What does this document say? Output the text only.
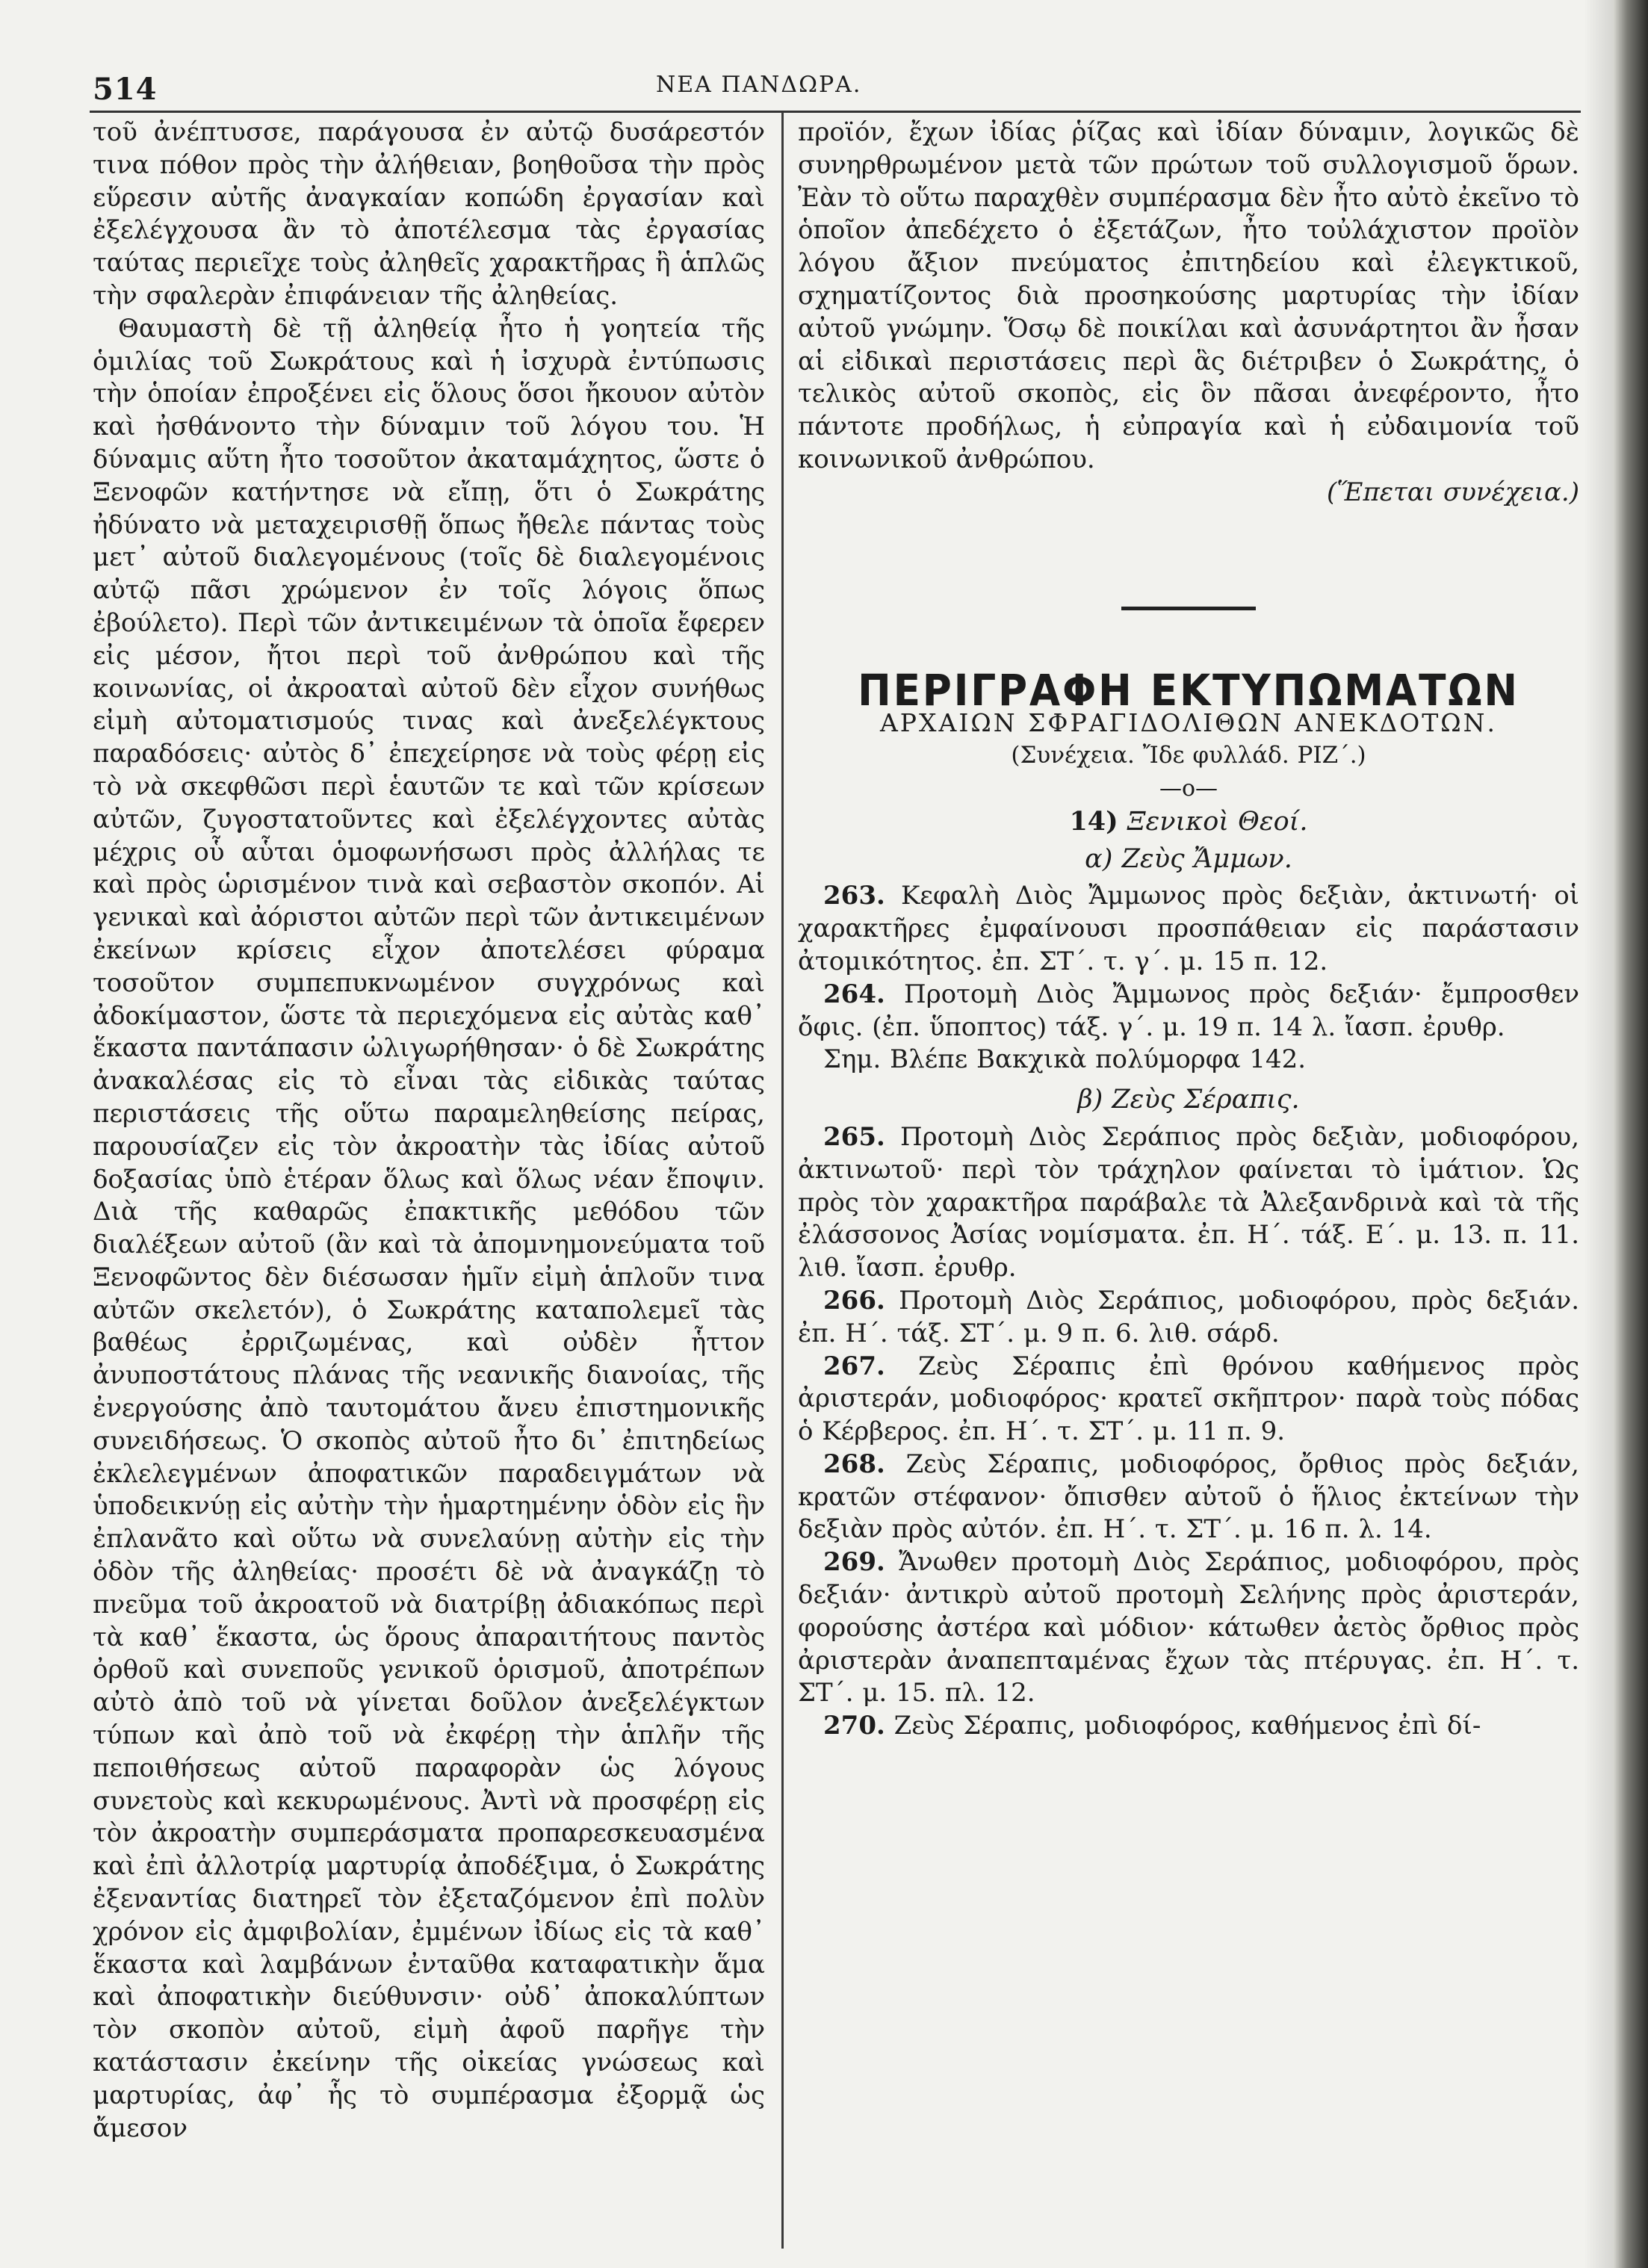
514	ΝΕΑ ΠΑΝΔΩΡΑ.

τοῦ ἀνέπτυσσε, παράγουσα ἐν αὐτῷ δυσάρεστόν τινα πόθον πρὸς τὴν ἀλήθειαν, βοηθοῦσα τὴν πρὸς εὕρεσιν αὐτῆς ἀναγκαίαν κοπώδη ἐργασίαν καὶ ἐξελέγχουσα ἂν τὸ ἀποτέλεσμα τὰς ἐργασίας ταύτας περιεῖχε τοὺς ἀληθεῖς χαρακτῆρας ἢ ἁπλῶς τὴν σφαλερὰν ἐπιφάνειαν τῆς ἀληθείας.

Θαυμαστὴ δὲ τῇ ἀληθείᾳ ἦτο ἡ γοητεία τῆς ὁμιλίας τοῦ Σωκράτους καὶ ἡ ἰσχυρὰ ἐντύπωσις τὴν ὁποίαν ἐπροξένει εἰς ὅλους ὅσοι ἤκουον αὐτὸν καὶ ἠσθάνοντο τὴν δύναμιν τοῦ λόγου του. Ἡ δύναμις αὕτη ἦτο τοσοῦτον ἀκαταμάχητος, ὥστε ὁ Ξενοφῶν κατήντησε νὰ εἴπῃ, ὅτι ὁ Σωκράτης ἠδύνατο νὰ μεταχειρισθῇ ὅπως ἤθελε πάντας τοὺς μετ᾽ αὐτοῦ διαλεγομένους (τοῖς δὲ διαλεγομένοις αὐτῷ πᾶσι χρώμενον ἐν τοῖς λόγοις ὅπως ἐβούλετο). Περὶ τῶν ἀντικειμένων τὰ ὁποῖα ἔφερεν εἰς μέσον, ἤτοι περὶ τοῦ ἀνθρώπου καὶ τῆς κοινωνίας, οἱ ἀκροαταὶ αὐτοῦ δὲν εἶχον συνήθως εἰμὴ αὐτοματισμούς τινας καὶ ἀνεξελέγκτους παραδόσεις· αὐτὸς δ᾽ ἐπεχείρησε νὰ τοὺς φέρῃ εἰς τὸ νὰ σκεφθῶσι περὶ ἑαυτῶν τε καὶ τῶν κρίσεων αὐτῶν, ζυγοστατοῦντες καὶ ἐξελέγχοντες αὐτὰς μέχρις οὗ αὗται ὁμοφωνήσωσι πρὸς ἀλλήλας τε καὶ πρὸς ὡρισμένον τινὰ καὶ σεβαστὸν σκοπόν. Αἱ γενικαὶ καὶ ἀόριστοι αὐτῶν περὶ τῶν ἀντικειμένων ἐκείνων κρίσεις εἶχον ἀποτελέσει φύραμα τοσοῦτον συμπεπυκνωμένον συγχρόνως καὶ ἀδοκίμαστον, ὥστε τὰ περιεχόμενα εἰς αὐτὰς καθ᾽ ἕκαστα παντάπασιν ὠλιγωρήθησαν· ὁ δὲ Σωκράτης ἀνακαλέσας εἰς τὸ εἶναι τὰς εἰδικὰς ταύτας περιστάσεις τῆς οὕτω παραμεληθείσης πείρας, παρουσίαζεν εἰς τὸν ἀκροατὴν τὰς ἰδίας αὐτοῦ δοξασίας ὑπὸ ἑτέραν ὅλως καὶ ὅλως νέαν ἔποψιν. Διὰ τῆς καθαρῶς ἐπακτικῆς μεθόδου τῶν διαλέξεων αὐτοῦ (ἂν καὶ τὰ ἀπομνημονεύματα τοῦ Ξενοφῶντος δὲν διέσωσαν ἡμῖν εἰμὴ ἁπλοῦν τινα αὐτῶν σκελετόν), ὁ Σωκράτης καταπολεμεῖ τὰς βαθέως ἐρριζωμένας, καὶ οὐδὲν ἧττον ἀνυποστάτους πλάνας τῆς νεανικῆς διανοίας, τῆς ἐνεργούσης ἀπὸ ταυτομάτου ἄνευ ἐπιστημονικῆς συνειδήσεως. Ὁ σκοπὸς αὐτοῦ ἦτο δι᾽ ἐπιτηδείως ἐκλελεγμένων ἀποφατικῶν παραδειγμάτων νὰ ὑποδεικνύῃ εἰς αὐτὴν τὴν ἡμαρτημένην ὁδὸν εἰς ἣν ἐπλανᾶτο καὶ οὕτω νὰ συνελαύνῃ αὐτὴν εἰς τὴν ὁδὸν τῆς ἀληθείας· προσέτι δὲ νὰ ἀναγκάζῃ τὸ πνεῦμα τοῦ ἀκροατοῦ νὰ διατρίβῃ ἀδιακόπως περὶ τὰ καθ᾽ ἕκαστα, ὡς ὅρους ἀπαραιτήτους παντὸς ὀρθοῦ καὶ συνεποῦς γενικοῦ ὁρισμοῦ, ἀποτρέπων αὐτὸ ἀπὸ τοῦ νὰ γίνεται δοῦλον ἀνεξελέγκτων τύπων καὶ ἀπὸ τοῦ νὰ ἐκφέρῃ τὴν ἁπλῆν τῆς πεποιθήσεως αὐτοῦ παραφορὰν ὡς λόγους συνετοὺς καὶ κεκυρωμένους. Ἀντὶ νὰ προσφέρῃ εἰς τὸν ἀκροατὴν συμπεράσματα προπαρεσκευασμένα καὶ ἐπὶ ἀλλοτρίᾳ μαρτυρίᾳ ἀποδέξιμα, ὁ Σωκράτης ἐξεναντίας διατηρεῖ τὸν ἐξεταζόμενον ἐπὶ πολὺν χρόνον εἰς ἀμφιβολίαν, ἐμμένων ἰδίως εἰς τὰ καθ᾽ ἕκαστα καὶ λαμβάνων ἐνταῦθα καταφατικὴν ἅμα καὶ ἀποφατικὴν διεύθυνσιν· οὐδ᾽ ἀποκαλύπτων τὸν σκοπὸν αὐτοῦ, εἰμὴ ἀφοῦ παρῆγε τὴν κατάστασιν ἐκείνην τῆς οἰκείας γνώσεως καὶ μαρτυρίας, ἀφ᾽ ἧς τὸ συμπέρασμα ἐξορμᾷ ὡς ἄμεσον

προϊόν, ἔχων ἰδίας ῥίζας καὶ ἰδίαν δύναμιν, λογικῶς δὲ συνηρθρωμένον μετὰ τῶν πρώτων τοῦ συλλογισμοῦ ὅρων. Ἐὰν τὸ οὕτω παραχθὲν συμπέρασμα δὲν ἦτο αὐτὸ ἐκεῖνο τὸ ὁποῖον ἀπεδέχετο ὁ ἐξετάζων, ἦτο τοὐλάχιστον προϊὸν λόγου ἄξιον πνεύματος ἐπιτηδείου καὶ ἐλεγκτικοῦ, σχηματίζοντος διὰ προσηκούσης μαρτυρίας τὴν ἰδίαν αὐτοῦ γνώμην. Ὅσῳ δὲ ποικίλαι καὶ ἀσυνάρτητοι ἂν ἦσαν αἱ εἰδικαὶ περιστάσεις περὶ ἃς διέτριβεν ὁ Σωκράτης, ὁ τελικὸς αὐτοῦ σκοπὸς, εἰς ὃν πᾶσαι ἀνεφέροντο, ἦτο πάντοτε προδήλως, ἡ εὐπραγία καὶ ἡ εὐδαιμονία τοῦ κοινωνικοῦ ἀνθρώπου.

(Ἕπεται συνέχεια.)

ΠΕΡΙΓΡΑΦΗ ΕΚΤΥΠΩΜΑΤΩΝ

ΑΡΧΑΙΩΝ ΣΦΡΑΓΙΔΟΛΙΘΩΝ ΑΝΕΚΔΟΤΩΝ.

(Συνέχεια. Ἴδε φυλλάδ. ΡΙΖ΄.)

—o—

14) Ξενικοὶ Θεοί.

α) Ζεὺς Ἄμμων.

263. Κεφαλὴ Διὸς Ἄμμωνος πρὸς δεξιὰν, ἀκτινωτή· οἱ χαρακτῆρες ἐμφαίνουσι προσπάθειαν εἰς παράστασιν ἀτομικότητος. ἐπ. ΣΤ΄. τ. γ΄. μ. 15 π. 12.

264. Προτομὴ Διὸς Ἄμμωνος πρὸς δεξιάν· ἔμπροσθεν ὄφις. (ἐπ. ὕποπτος) τάξ. γ΄. μ. 19 π. 14 λ. ἴασπ. ἐρυθρ.

Σημ. Βλέπε Βακχικὰ πολύμορφα 142.

β) Ζεὺς Σέραπις.

265. Προτομὴ Διὸς Σεράπιος πρὸς δεξιὰν, μοδιοφόρου, ἀκτινωτοῦ· περὶ τὸν τράχηλον φαίνεται τὸ ἱμάτιον. Ὡς πρὸς τὸν χαρακτῆρα παράβαλε τὰ Ἀλεξανδρινὰ καὶ τὰ τῆς ἐλάσσονος Ἀσίας νομίσματα. ἐπ. Η΄. τάξ. Ε΄. μ. 13. π. 11. λιθ. ἴασπ. ἐρυθρ.

266. Προτομὴ Διὸς Σεράπιος, μοδιοφόρου, πρὸς δεξιάν. ἐπ. Η΄. τάξ. ΣΤ΄. μ. 9 π. 6. λιθ. σάρδ.

267. Ζεὺς Σέραπις ἐπὶ θρόνου καθήμενος πρὸς ἀριστεράν, μοδιοφόρος· κρατεῖ σκῆπτρον· παρὰ τοὺς πόδας ὁ Κέρβερος. ἐπ. Η΄. τ. ΣΤ΄. μ. 11 π. 9.

268. Ζεὺς Σέραπις, μοδιοφόρος, ὄρθιος πρὸς δεξιάν, κρατῶν στέφανον· ὄπισθεν αὐτοῦ ὁ ἥλιος ἐκτείνων τὴν δεξιὰν πρὸς αὐτόν. ἐπ. Η΄. τ. ΣΤ΄. μ. 16 π. λ. 14.

269. Ἄνωθεν προτομὴ Διὸς Σεράπιος, μοδιοφόρου, πρὸς δεξιάν· ἀντικρὺ αὐτοῦ προτομὴ Σελήνης πρὸς ἀριστεράν, φορούσης ἀστέρα καὶ μόδιον· κάτωθεν ἀετὸς ὄρθιος πρὸς ἀριστερὰν ἀναπεπταμένας ἔχων τὰς πτέρυγας. ἐπ. Η΄. τ. ΣΤ΄. μ. 15. πλ. 12.

270. Ζεὺς Σέραπις, μοδιοφόρος, καθήμενος ἐπὶ δί-
